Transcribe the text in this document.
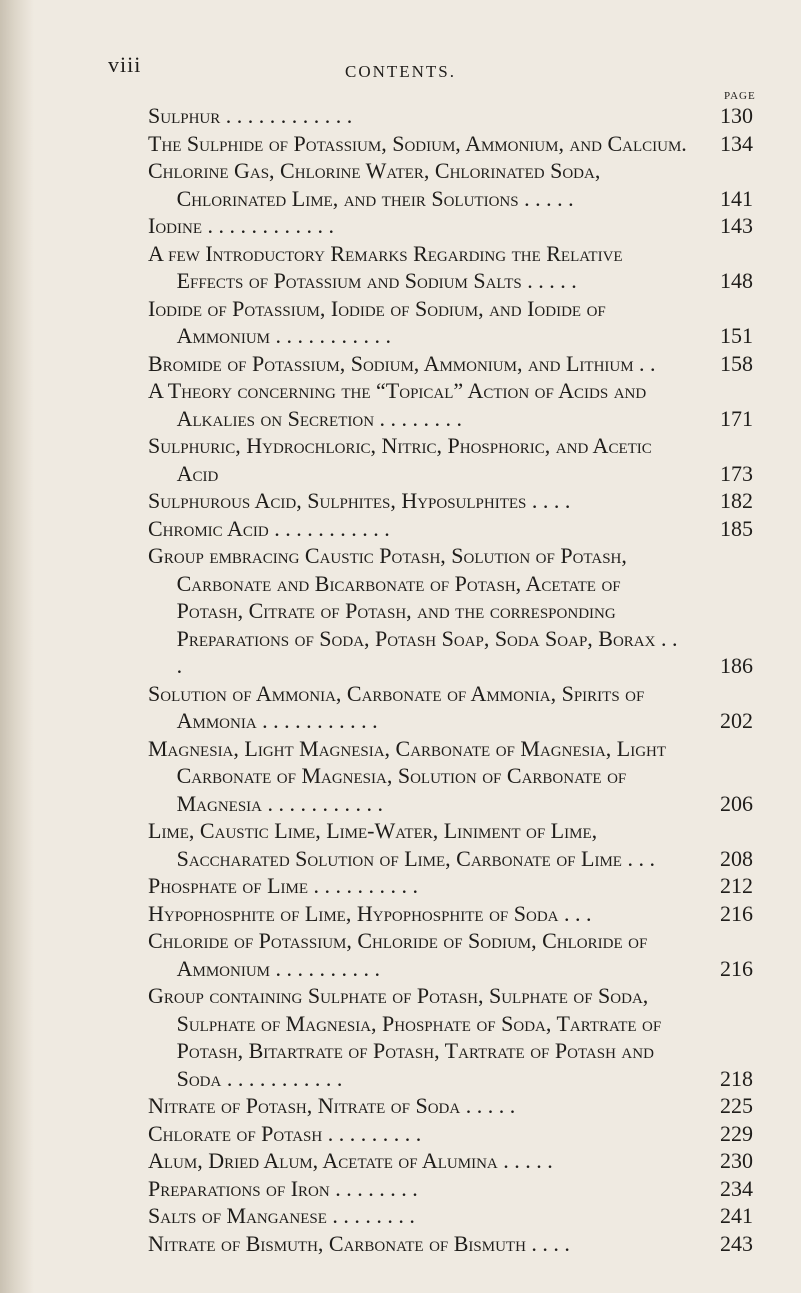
viii	CONTENTS.
PAGE
Sulphur . . . . . . . . . . . .	130
The Sulphide of Potassium, Sodium, Ammonium, and Calcium.	134
Chlorine Gas, Chlorine Water, Chlorinated Soda, Chlorinated Lime, and their Solutions . . . . .	141
Iodine . . . . . . . . . . . .	143
A few Introductory Remarks Regarding the Relative Effects of Potassium and Sodium Salts . . . . .	148
Iodide of Potassium, Iodide of Sodium, and Iodide of Ammonium . . . . . . . . . . .	151
Bromide of Potassium, Sodium, Ammonium, and Lithium . .	158
A Theory concerning the “Topical” Action of Acids and Alkalies on Secretion . . . . . . . .	171
Sulphuric, Hydrochloric, Nitric, Phosphoric, and Acetic Acid	173
Sulphurous Acid, Sulphites, Hyposulphites . . . .	182
Chromic Acid . . . . . . . . . . .	185
Group embracing Caustic Potash, Solution of Potash, Carbonate and Bicarbonate of Potash, Acetate of Potash, Citrate of Potash, and the corresponding Preparations of Soda, Potash Soap, Soda Soap, Borax . . .	186
Solution of Ammonia, Carbonate of Ammonia, Spirits of Ammonia . . . . . . . . . . .	202
Magnesia, Light Magnesia, Carbonate of Magnesia, Light Carbonate of Magnesia, Solution of Carbonate of Magnesia . . . . . . . . . . .	206
Lime, Caustic Lime, Lime-Water, Liniment of Lime, Saccharated Solution of Lime, Carbonate of Lime . . .	208
Phosphate of Lime . . . . . . . . . .	212
Hypophosphite of Lime, Hypophosphite of Soda . . .	216
Chloride of Potassium, Chloride of Sodium, Chloride of Ammonium . . . . . . . . . .	216
Group containing Sulphate of Potash, Sulphate of Soda, Sulphate of Magnesia, Phosphate of Soda, Tartrate of Potash, Bitartrate of Potash, Tartrate of Potash and Soda . . . . . . . . . . .	218
Nitrate of Potash, Nitrate of Soda . . . . .	225
Chlorate of Potash . . . . . . . . .	229
Alum, Dried Alum, Acetate of Alumina . . . . .	230
Preparations of Iron . . . . . . . .	234
Salts of Manganese . . . . . . . .	241
Nitrate of Bismuth, Carbonate of Bismuth . . . .	243
